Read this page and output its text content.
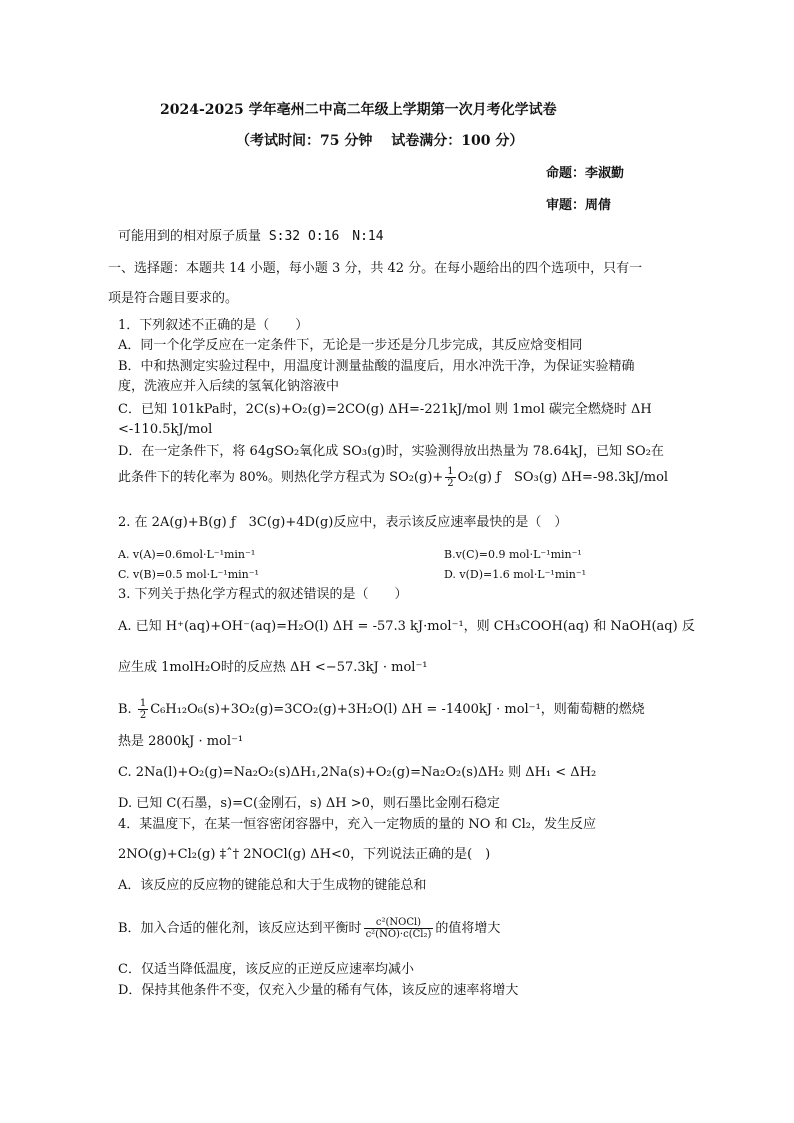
2024-2025 学年亳州二中高二年级上学期第一次月考化学试卷
（考试时间：75 分钟　 试卷满分：100 分）
命题：李淑勤
审题：周倩
可能用到的相对原子质量 S:32 O:16　N:14
一、选择题：本题共 14 小题，每小题 3 分，共 42 分。在每小题给出的四个选项中，只有一
项是符合题目要求的。
1．下列叙述不正确的是（　　）
A．同一个化学反应在一定条件下，无论是一步还是分几步完成，其反应焓变相同
B．中和热测定实验过程中，用温度计测量盐酸的温度后，用水冲洗干净，为保证实验精确
度，洗液应并入后续的氢氧化钠溶液中
C．已知 101kPa时，2C(s)+O₂(g)=2CO(g) ΔH=-221kJ/mol 则 1mol 碳完全燃烧时 ΔH
<-110.5kJ/mol
D．在一定条件下，将 64gSO₂氧化成 SO₃(g)时，实验测得放出热量为 78.64kJ，已知 SO₂在
此条件下的转化率为 80%。则热化学方程式为 $SO_2(g)+ \frac{1}{2} O_2(g)$ ƒ　SO₃(g) ΔH=-98.3kJ/mol
2. 在 2A(g)+B(g) ƒ　3C(g)+4D(g)反应中，表示该反应速率最快的是（　）
A. v(A)=0.6mol·L⁻¹min⁻¹	B.v(C)=0.9 mol·L⁻¹min⁻¹
C. v(B)=0.5 mol·L⁻¹min⁻¹	D. v(D)=1.6 mol·L⁻¹min⁻¹
3. 下列关于热化学方程式的叙述错误的是（　　）
A. 已知 H⁺(aq)+OH⁻(aq)=H₂O(l) ΔH = -57.3 kJ·mol⁻¹，则 CH₃COOH(aq) 和 NaOH(aq) 反
应生成 1molH₂O时的反应热 ΔH <−57.3kJ · mol⁻¹
B. $\frac{1}{2} C_6H_{12}O_6(s)+3O_2(g)=3CO_2(g)+3H_2O(l) \Delta H = -1400kJ \cdot mol^{-1}$，则葡萄糖的燃烧
热是 2800kJ · mol⁻¹
C. 2Na(l)+O₂(g)=Na₂O₂(s)ΔH₁,2Na(s)+O₂(g)=Na₂O₂(s)ΔH₂ 则 ΔH₁ < ΔH₂
D. 已知 C(石墨，s)=C(金刚石，s) ΔH >0，则石墨比金刚石稳定
4．某温度下，在某一恒容密闭容器中，充入一定物质的量的 NO 和 Cl₂，发生反应
2NO(g)+Cl₂(g) ‡ˆ† 2NOCl(g) ΔH<0，下列说法正确的是(　)
A．该反应的反应物的键能总和大于生成物的键能总和
B．加入合适的催化剂，该反应达到平衡时 $\frac{\text{c²(NOCl)}}{\text{c²(NO)·c(Cl₂)}}$ 的值将增大
C．仅适当降低温度，该反应的正逆反应速率均减小
D．保持其他条件不变，仅充入少量的稀有气体，该反应的速率将增大
